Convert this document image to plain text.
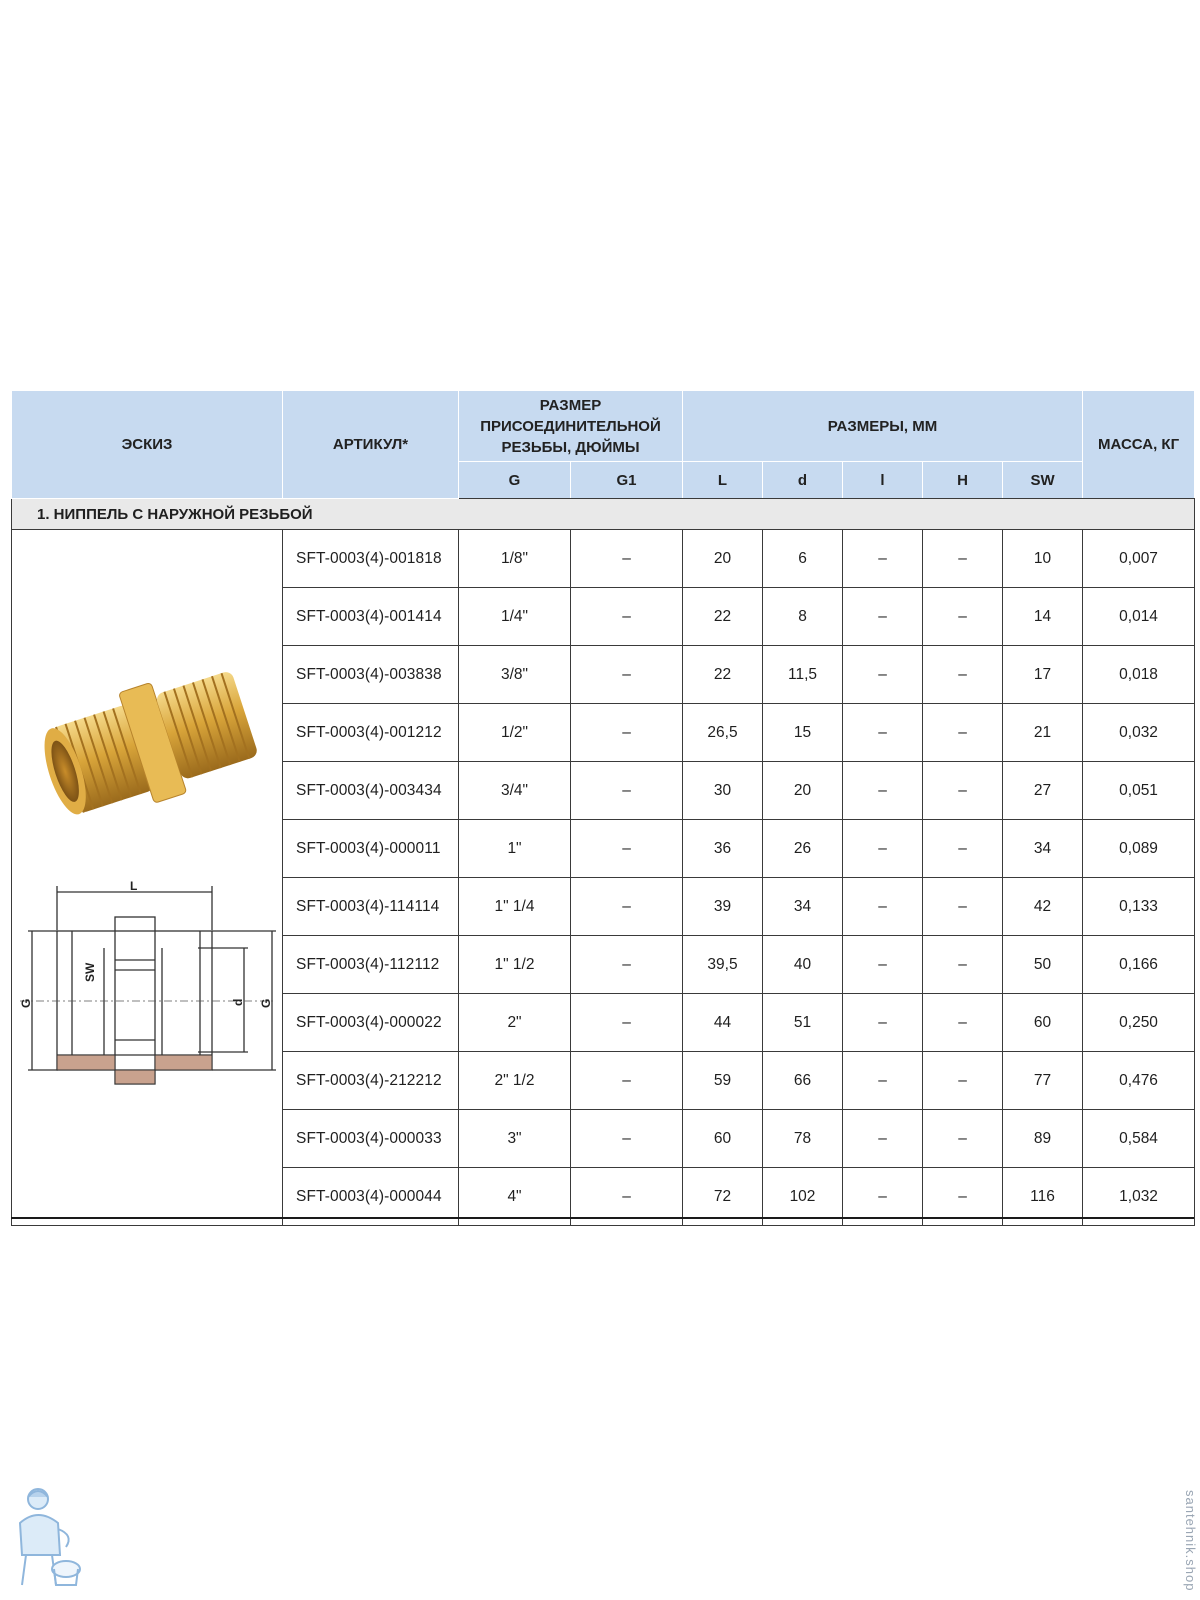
ЭСКИЗ	АРТИКУЛ*	РАЗМЕР ПРИСОЕДИНИТЕЛЬНОЙ РЕЗЬБЫ, ДЮЙМЫ		РАЗМЕРЫ, ММ					МАССА, КГ
		G	G1	L	d	l	H	SW	
1. НИППЕЛЬ С НАРУЖНОЙ РЕЗЬБОЙ									

L
SW
G d G	SFT-0003(4)-001818	1/8"	–	20	6	–	–	10	0,007
	SFT-0003(4)-001414	1/4"	–	22	8	–	–	14	0,014
	SFT-0003(4)-003838	3/8"	–	22	11,5	–	–	17	0,018
	SFT-0003(4)-001212	1/2"	–	26,5	15	–	–	21	0,032
	SFT-0003(4)-003434	3/4"	–	30	20	–	–	27	0,051
	SFT-0003(4)-000011	1"	–	36	26	–	–	34	0,089
	SFT-0003(4)-114114	1" 1/4	–	39	34	–	–	42	0,133
	SFT-0003(4)-112112	1" 1/2	–	39,5	40	–	–	50	0,166
	SFT-0003(4)-000022	2"	–	44	51	–	–	60	0,250
	SFT-0003(4)-212212	2" 1/2	–	59	66	–	–	77	0,476
	SFT-0003(4)-000033	3"	–	60	78	–	–	89	0,584
	SFT-0003(4)-000044	4"	–	72	102	–	–	116	1,032
santehnik.shop
